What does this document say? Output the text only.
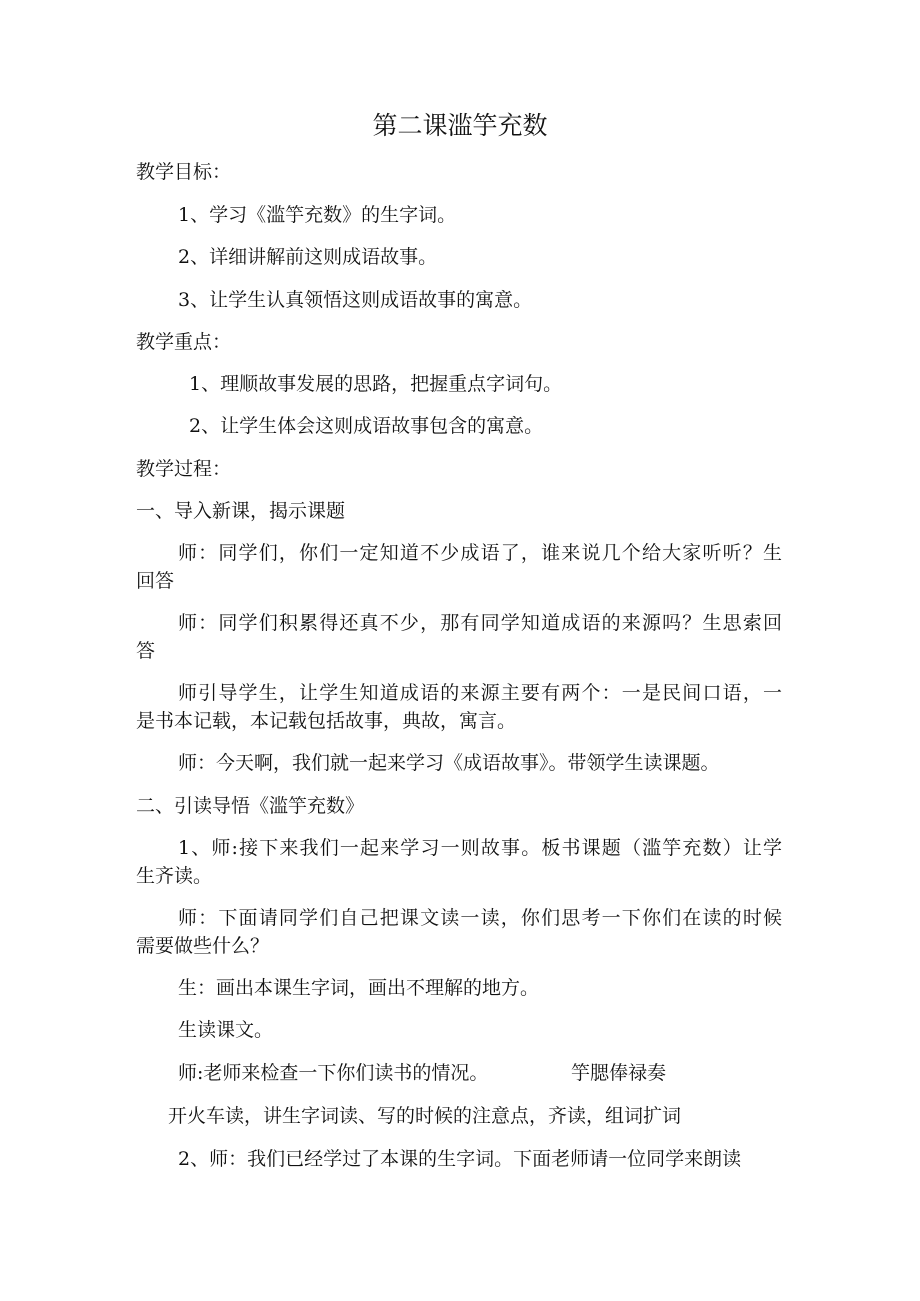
第二课滥竽充数
教学目标：
1、学习《滥竽充数》的生字词。
2、详细讲解前这则成语故事。
3、让学生认真领悟这则成语故事的寓意。
教学重点：
1、理顺故事发展的思路，把握重点字词句。
2、让学生体会这则成语故事包含的寓意。
教学过程：
一、导入新课，揭示课题
师：同学们，你们一定知道不少成语了，谁来说几个给大家听听？生
回答
师：同学们积累得还真不少，那有同学知道成语的来源吗？生思索回
答
师引导学生，让学生知道成语的来源主要有两个：一是民间口语，一
是书本记载，本记载包括故事，典故，寓言。
师：今天啊，我们就一起来学习《成语故事》。带领学生读课题。
二、引读导悟《滥竽充数》
1、师:接下来我们一起来学习一则故事。板书课题（滥竽充数）让学
生齐读。
师：下面请同学们自己把课文读一读，你们思考一下你们在读的时候
需要做些什么？
生：画出本课生字词，画出不理解的地方。
生读课文。
师:老师来检查一下你们读书的情况。	竽腮俸禄奏
开火车读，讲生字词读、写的时候的注意点，齐读，组词扩词
2、师：我们已经学过了本课的生字词。下面老师请一位同学来朗读
